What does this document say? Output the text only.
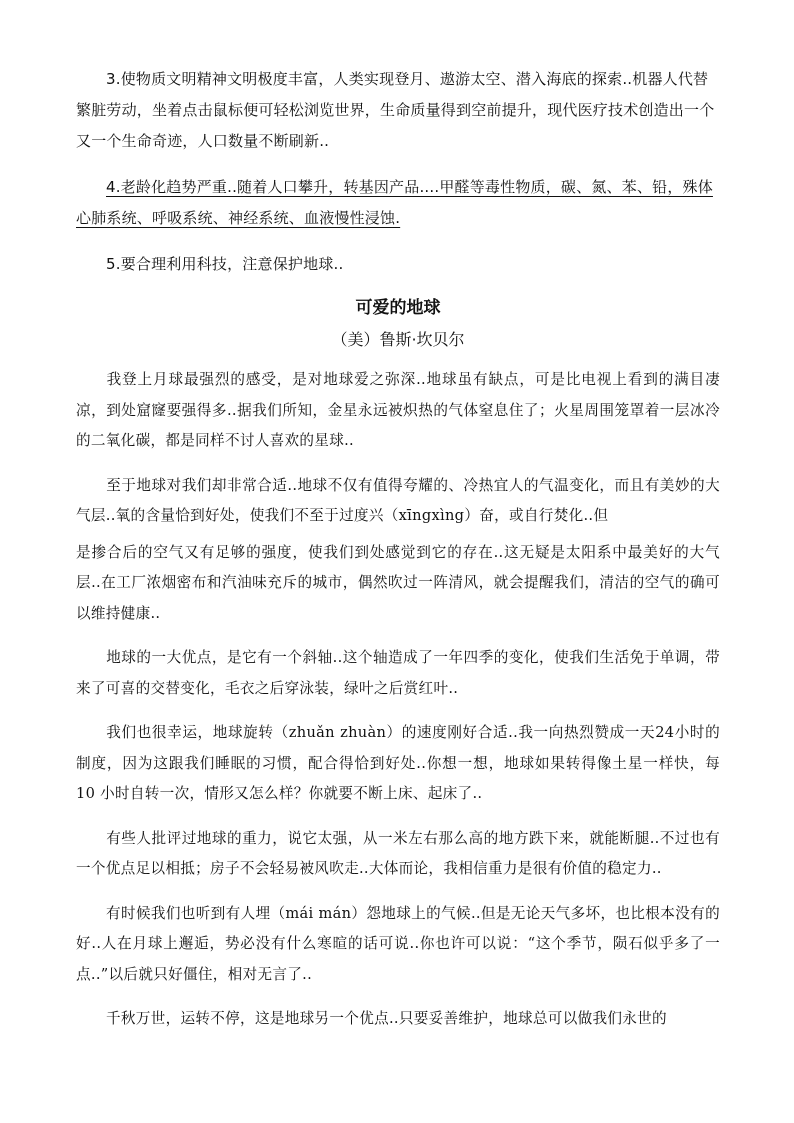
3.使物质文明精神文明极度丰富，人类实现登月、遨游太空、潜入海底的探索..机器人代替繁脏劳动，坐着点击鼠标便可轻松浏览世界，生命质量得到空前提升，现代医疗技术创造出一个又一个生命奇迹，人口数量不断刷新..

4.老龄化趋势严重..随着人口攀升，转基因产品....甲醛等毒性物质，碳、氮、苯、铅，殊体心肺系统、呼吸系统、神经系统、血液慢性浸蚀.

5.要合理利用科技，注意保护地球..

可爱的地球
（美）鲁斯·坎贝尔

我登上月球最强烈的感受，是对地球爱之弥深..地球虽有缺点，可是比电视上看到的满目凄凉，到处窟窿要强得多..据我们所知，金星永远被炽热的气体窒息住了；火星周围笼罩着一层冰冷的二氧化碳，都是同样不讨人喜欢的星球..

至于地球对我们却非常合适..地球不仅有值得夸耀的、冷热宜人的气温变化，而且有美妙的大气层..氧的含量恰到好处，使我们不至于过度兴（xīngxìng）奋，或自行焚化..但

是掺合后的空气又有足够的强度，使我们到处感觉到它的存在..这无疑是太阳系中最美好的大气层..在工厂浓烟密布和汽油味充斥的城市，偶然吹过一阵清风，就会提醒我们，清洁的空气的确可以维持健康..

地球的一大优点，是它有一个斜轴..这个轴造成了一年四季的变化，使我们生活免于单调，带来了可喜的交替变化，毛衣之后穿泳装，绿叶之后赏红叶..

我们也很幸运，地球旋转（zhuǎn zhuàn）的速度刚好合适..我一向热烈赞成一天24小时的制度，因为这跟我们睡眠的习惯，配合得恰到好处..你想一想，地球如果转得像土星一样快，每 10 小时自转一次，情形又怎么样？你就要不断上床、起床了..

有些人批评过地球的重力，说它太强，从一米左右那么高的地方跌下来，就能断腿..不过也有一个优点足以相抵；房子不会轻易被风吹走..大体而论，我相信重力是很有价值的稳定力..

有时候我们也听到有人埋（mái mán）怨地球上的气候..但是无论天气多坏，也比根本没有的好..人在月球上邂逅，势必没有什么寒暄的话可说..你也许可以说：“这个季节，陨石似乎多了一点..”以后就只好僵住，相对无言了..

千秋万世，运转不停，这是地球另一个优点..只要妥善维护，地球总可以做我们永世的
